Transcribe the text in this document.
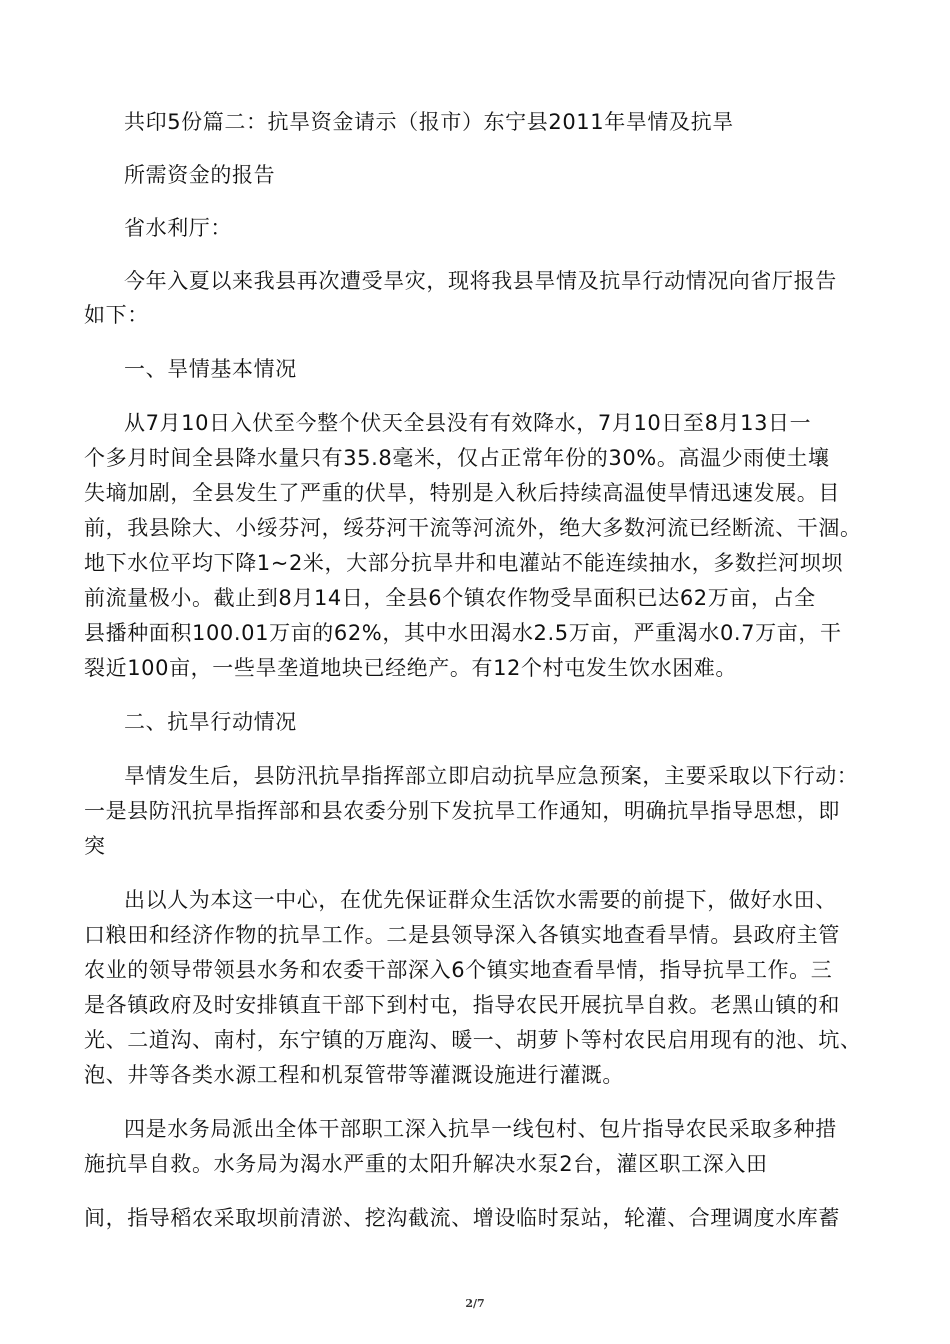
共印5份篇二：抗旱资金请示（报市）东宁县2011年旱情及抗旱
所需资金的报告
省水利厅：
今年入夏以来我县再次遭受旱灾，现将我县旱情及抗旱行动情况向省厅报告
如下：
一、旱情基本情况
从7月10日入伏至今整个伏天全县没有有效降水，7月10日至8月13日一
个多月时间全县降水量只有35.8毫米，仅占正常年份的30%。高温少雨使土壤
失墒加剧，全县发生了严重的伏旱，特别是入秋后持续高温使旱情迅速发展。目
前，我县除大、小绥芬河，绥芬河干流等河流外，绝大多数河流已经断流、干涸。
地下水位平均下降1~2米，大部分抗旱井和电灌站不能连续抽水，多数拦河坝坝
前流量极小。截止到8月14日，全县6个镇农作物受旱面积已达62万亩，占全
县播种面积100.01万亩的62%，其中水田渴水2.5万亩，严重渴水0.7万亩，干
裂近100亩，一些旱垄道地块已经绝产。有12个村屯发生饮水困难。
二、抗旱行动情况
旱情发生后，县防汛抗旱指挥部立即启动抗旱应急预案，主要采取以下行动：
一是县防汛抗旱指挥部和县农委分别下发抗旱工作通知，明确抗旱指导思想，即
突
出以人为本这一中心，在优先保证群众生活饮水需要的前提下，做好水田、
口粮田和经济作物的抗旱工作。二是县领导深入各镇实地查看旱情。县政府主管
农业的领导带领县水务和农委干部深入6个镇实地查看旱情，指导抗旱工作。三
是各镇政府及时安排镇直干部下到村屯，指导农民开展抗旱自救。老黑山镇的和
光、二道沟、南村，东宁镇的万鹿沟、暖一、胡萝卜等村农民启用现有的池、坑、
泡、井等各类水源工程和机泵管带等灌溉设施进行灌溉。
四是水务局派出全体干部职工深入抗旱一线包村、包片指导农民采取多种措
施抗旱自救。水务局为渴水严重的太阳升解决水泵2台，灌区职工深入田
间，指导稻农采取坝前清淤、挖沟截流、增设临时泵站，轮灌、合理调度水库蓄
2/7
